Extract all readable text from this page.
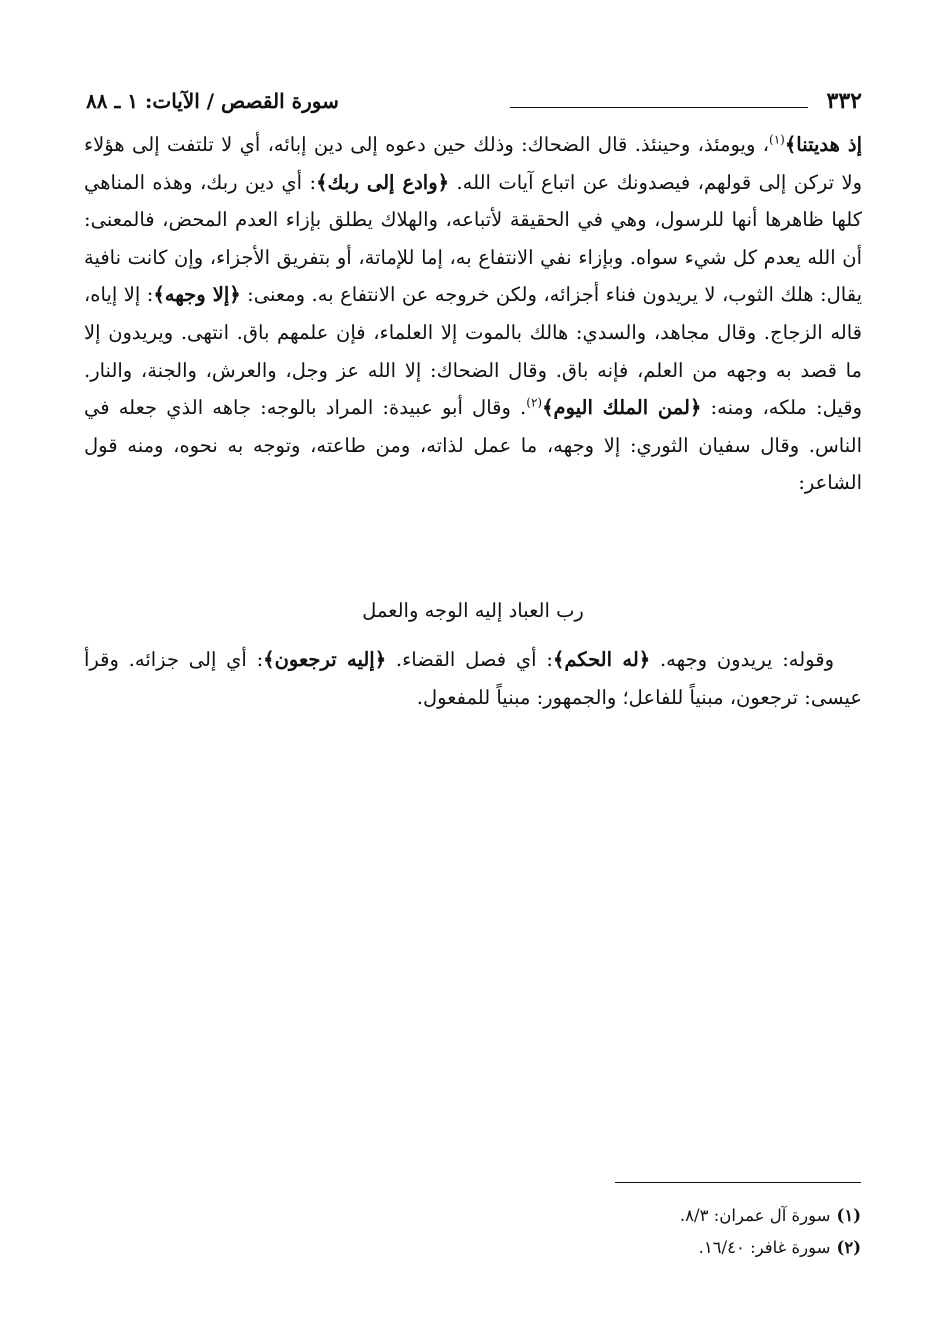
٣٣٢
سورة القصص / الآيات: ١ ـ ٨٨

إذ هديتنا﴾$^{(١)}$، ويومئذ، وحينئذ. قال الضحاك: وذلك حين دعوه إلى دين إبائه، أي لا تلتفت إلى هؤلاء ولا تركن إلى قولهم، فيصدونك عن اتباع آيات الله. ﴿وادع إلى ربك﴾: أي دين ربك، وهذه المناهي كلها ظاهرها أنها للرسول، وهي في الحقيقة لأتباعه، والهلاك يطلق بإزاء العدم المحض، فالمعنى: أن الله يعدم كل شيء سواه. وبإزاء نفي الانتفاع به، إما للإماتة، أو بتفريق الأجزاء، وإن كانت نافية يقال: هلك الثوب، لا يريدون فناء أجزائه، ولكن خروجه عن الانتفاع به. ومعنى: ﴿إلا وجهه﴾: إلا إياه، قاله الزجاج. وقال مجاهد، والسدي: هالك بالموت إلا العلماء، فإن علمهم باق. انتهى. ويريدون إلا ما قصد به وجهه من العلم، فإنه باق. وقال الضحاك: إلا الله عز وجل، والعرش، والجنة، والنار. وقيل: ملكه، ومنه: ﴿لمن الملك اليوم﴾$^{(٢)}$. وقال أبو عبيدة: المراد بالوجه: جاهه الذي جعله في الناس. وقال سفيان الثوري: إلا وجهه، ما عمل لذاته، ومن طاعته، وتوجه به نحوه، ومنه قول الشاعر:

رب العباد إليه الوجه والعمل
وقوله: يريدون وجهه. ﴿له الحكم﴾: أي فصل القضاء. ﴿إليه ترجعون﴾: أي إلى جزائه. وقرأ عيسى: ترجعون، مبنياً للفاعل؛ والجمهور: مبنياً للمفعول.
(١)سورة آل عمران: ٨/٣.
(٢)سورة غافر: ١٦/٤٠.
